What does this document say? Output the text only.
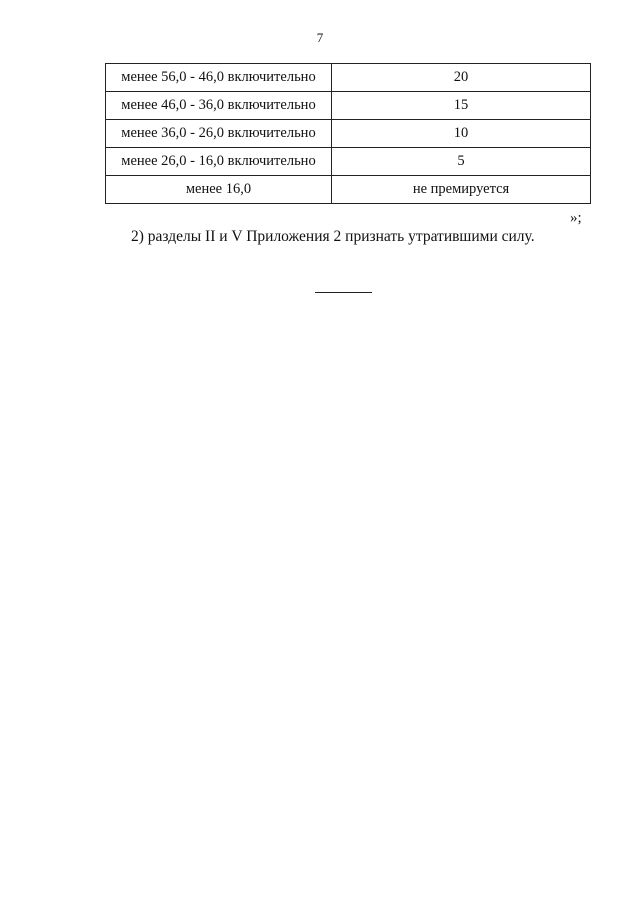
7
менее 56,0 - 46,0 включительно	20
менее 46,0 - 36,0 включительно	15
менее 36,0 - 26,0 включительно	10
менее 26,0 - 16,0 включительно	5
менее 16,0	не премируется
»;
2) разделы II и V Приложения 2 признать утратившими силу.
